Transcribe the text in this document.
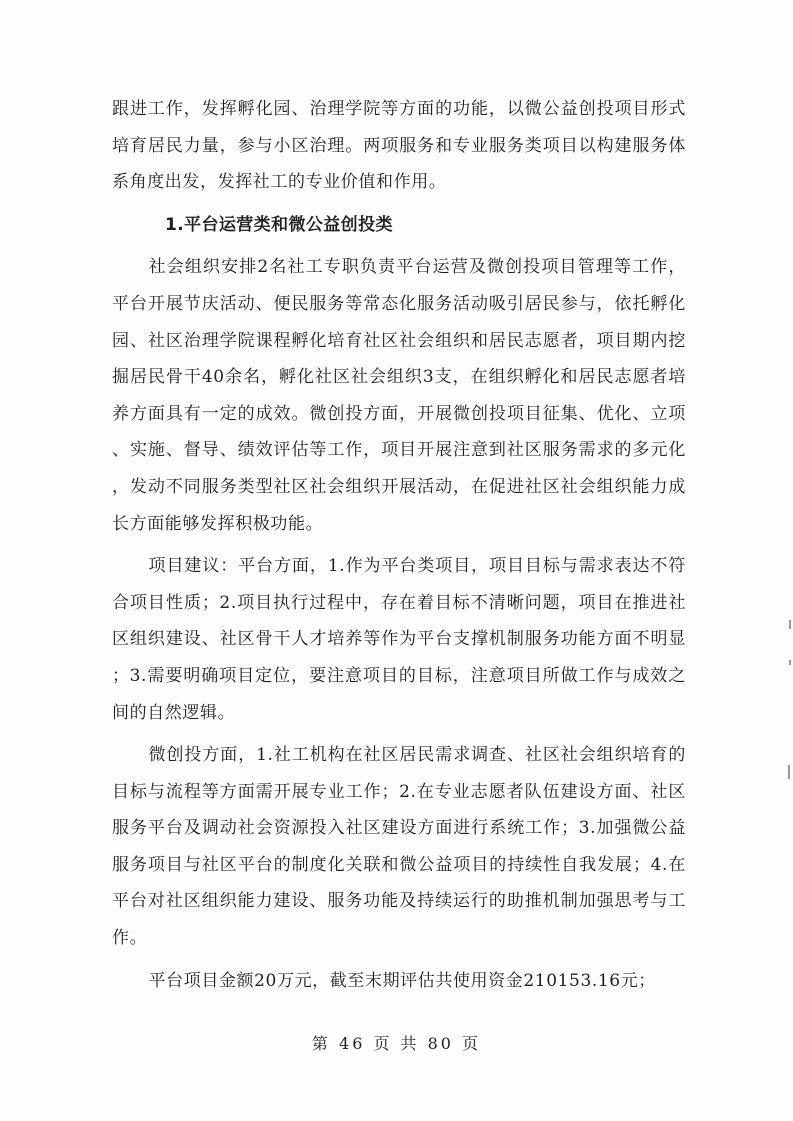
跟进工作，发挥孵化园、治理学院等方面的功能，以微公益创投项目形式培育居民力量，参与小区治理。两项服务和专业服务类项目以构建服务体系角度出发，发挥社工的专业价值和作用。

1.平台运营类和微公益创投类

社会组织安排2名社工专职负责平台运营及微创投项目管理等工作，平台开展节庆活动、便民服务等常态化服务活动吸引居民参与，依托孵化园、社区治理学院课程孵化培育社区社会组织和居民志愿者，项目期内挖掘居民骨干40余名，孵化社区社会组织3支，在组织孵化和居民志愿者培养方面具有一定的成效。微创投方面，开展微创投项目征集、优化、立项、实施、督导、绩效评估等工作，项目开展注意到社区服务需求的多元化，发动不同服务类型社区社会组织开展活动，在促进社区社会组织能力成长方面能够发挥积极功能。

项目建议：平台方面，1.作为平台类项目，项目目标与需求表达不符合项目性质；2.项目执行过程中，存在着目标不清晰问题，项目在推进社区组织建设、社区骨干人才培养等作为平台支撑机制服务功能方面不明显；3.需要明确项目定位，要注意项目的目标，注意项目所做工作与成效之间的自然逻辑。

微创投方面，1.社工机构在社区居民需求调查、社区社会组织培育的目标与流程等方面需开展专业工作；2.在专业志愿者队伍建设方面、社区服务平台及调动社会资源投入社区建设方面进行系统工作；3.加强微公益服务项目与社区平台的制度化关联和微公益项目的持续性自我发展；4.在平台对社区组织能力建设、服务功能及持续运行的助推机制加强思考与工作。

平台项目金额20万元，截至末期评估共使用资金210153.16元；

第 46 页 共 80 页
